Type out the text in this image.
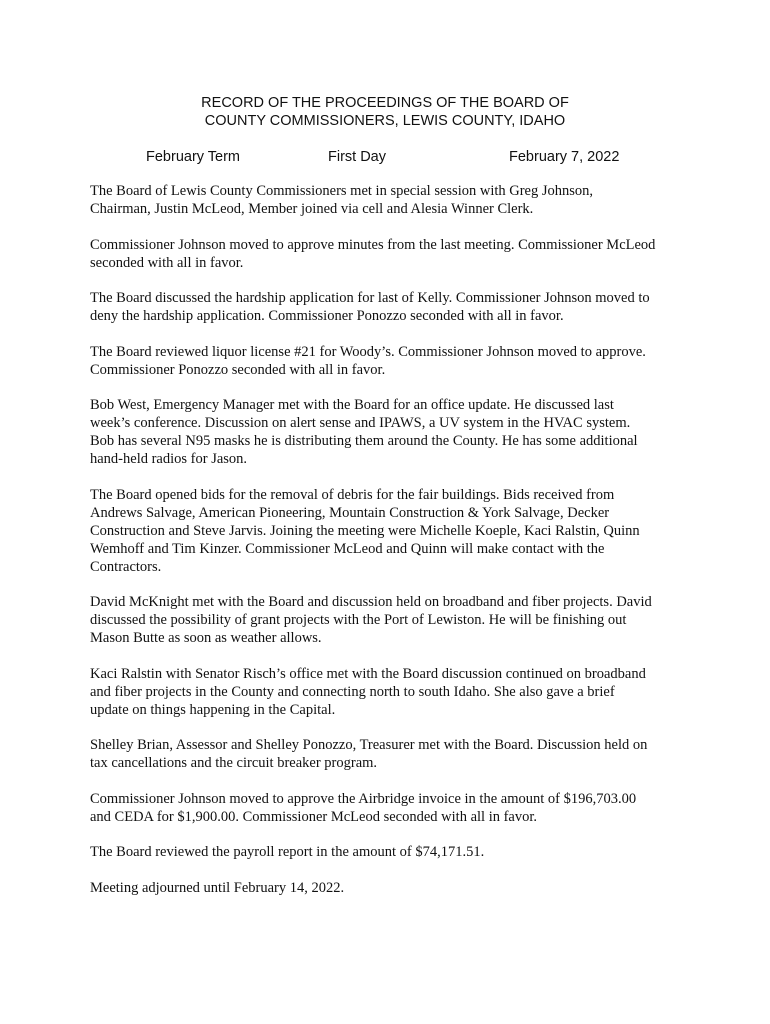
RECORD OF THE PROCEEDINGS OF THE BOARD OF
COUNTY COMMISSIONERS, LEWIS COUNTY, IDAHO
February Term	First Day	February 7, 2022

The Board of Lewis County Commissioners met in special session with Greg Johnson,
Chairman, Justin McLeod, Member joined via cell and Alesia Winner Clerk.

Commissioner Johnson moved to approve minutes from the last meeting. Commissioner McLeod
seconded with all in favor.

The Board discussed the hardship application for last of Kelly. Commissioner Johnson moved to
deny the hardship application. Commissioner Ponozzo seconded with all in favor.

The Board reviewed liquor license #21 for Woody’s. Commissioner Johnson moved to approve.
Commissioner Ponozzo seconded with all in favor.

Bob West, Emergency Manager met with the Board for an office update. He discussed last
week’s conference. Discussion on alert sense and IPAWS, a UV system in the HVAC system.
Bob has several N95 masks he is distributing them around the County. He has some additional
hand-held radios for Jason.

The Board opened bids for the removal of debris for the fair buildings. Bids received from
Andrews Salvage, American Pioneering, Mountain Construction & York Salvage, Decker
Construction and Steve Jarvis. Joining the meeting were Michelle Koeple, Kaci Ralstin, Quinn
Wemhoff and Tim Kinzer. Commissioner McLeod and Quinn will make contact with the
Contractors.

David McKnight met with the Board and discussion held on broadband and fiber projects. David
discussed the possibility of grant projects with the Port of Lewiston. He will be finishing out
Mason Butte as soon as weather allows.

Kaci Ralstin with Senator Risch’s office met with the Board discussion continued on broadband
and fiber projects in the County and connecting north to south Idaho. She also gave a brief
update on things happening in the Capital.

Shelley Brian, Assessor and Shelley Ponozzo, Treasurer met with the Board. Discussion held on
tax cancellations and the circuit breaker program.

Commissioner Johnson moved to approve the Airbridge invoice in the amount of $196,703.00
and CEDA for $1,900.00. Commissioner McLeod seconded with all in favor.

The Board reviewed the payroll report in the amount of $74,171.51.

Meeting adjourned until February 14, 2022.
